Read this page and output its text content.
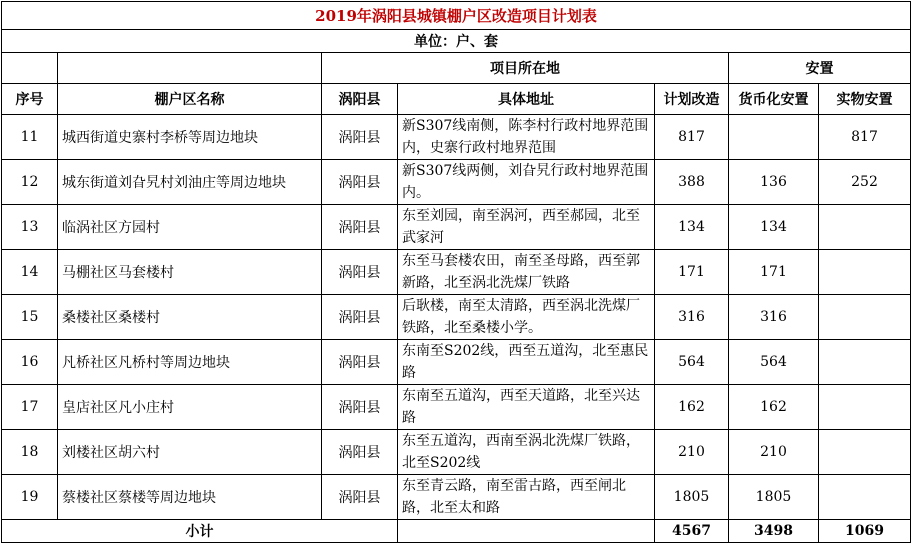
2019年涡阳县城镇棚户区改造项目计划表						
单位：户、套						
		项目所在地			安置	
序号	棚户区名称	涡阳县	具体地址	计划改造	货币化安置	实物安置
11	城西街道史寨村李桥等周边地块	涡阳县	新S307线南侧，陈李村行政村地界范围内，史寨行政村地界范围	817		817
12	城东街道刘旮旯村刘油庄等周边地块	涡阳县	新S307线两侧，刘旮旯行政村地界范围内。	388	136	252
13	临涡社区方园村	涡阳县	东至刘园，南至涡河，西至郝园，北至武家河	134	134	
14	马棚社区马套楼村	涡阳县	东至马套楼农田，南至圣母路，西至郭新路，北至涡北洗煤厂铁路	171	171	
15	桑楼社区桑楼村	涡阳县	后耿楼，南至太清路，西至涡北洗煤厂铁路，北至桑楼小学。	316	316	
16	凡桥社区凡桥村等周边地块	涡阳县	东南至S202线，西至五道沟，北至惠民路	564	564	
17	皇店社区凡小庄村	涡阳县	东南至五道沟，西至天道路，北至兴达路	162	162	
18	刘楼社区胡六村	涡阳县	东至五道沟，西南至涡北洗煤厂铁路，北至S202线	210	210	
19	蔡楼社区蔡楼等周边地块	涡阳县	东至青云路，南至雷古路，西至闸北路，北至太和路	1805	1805	
小计				4567	3498	1069
